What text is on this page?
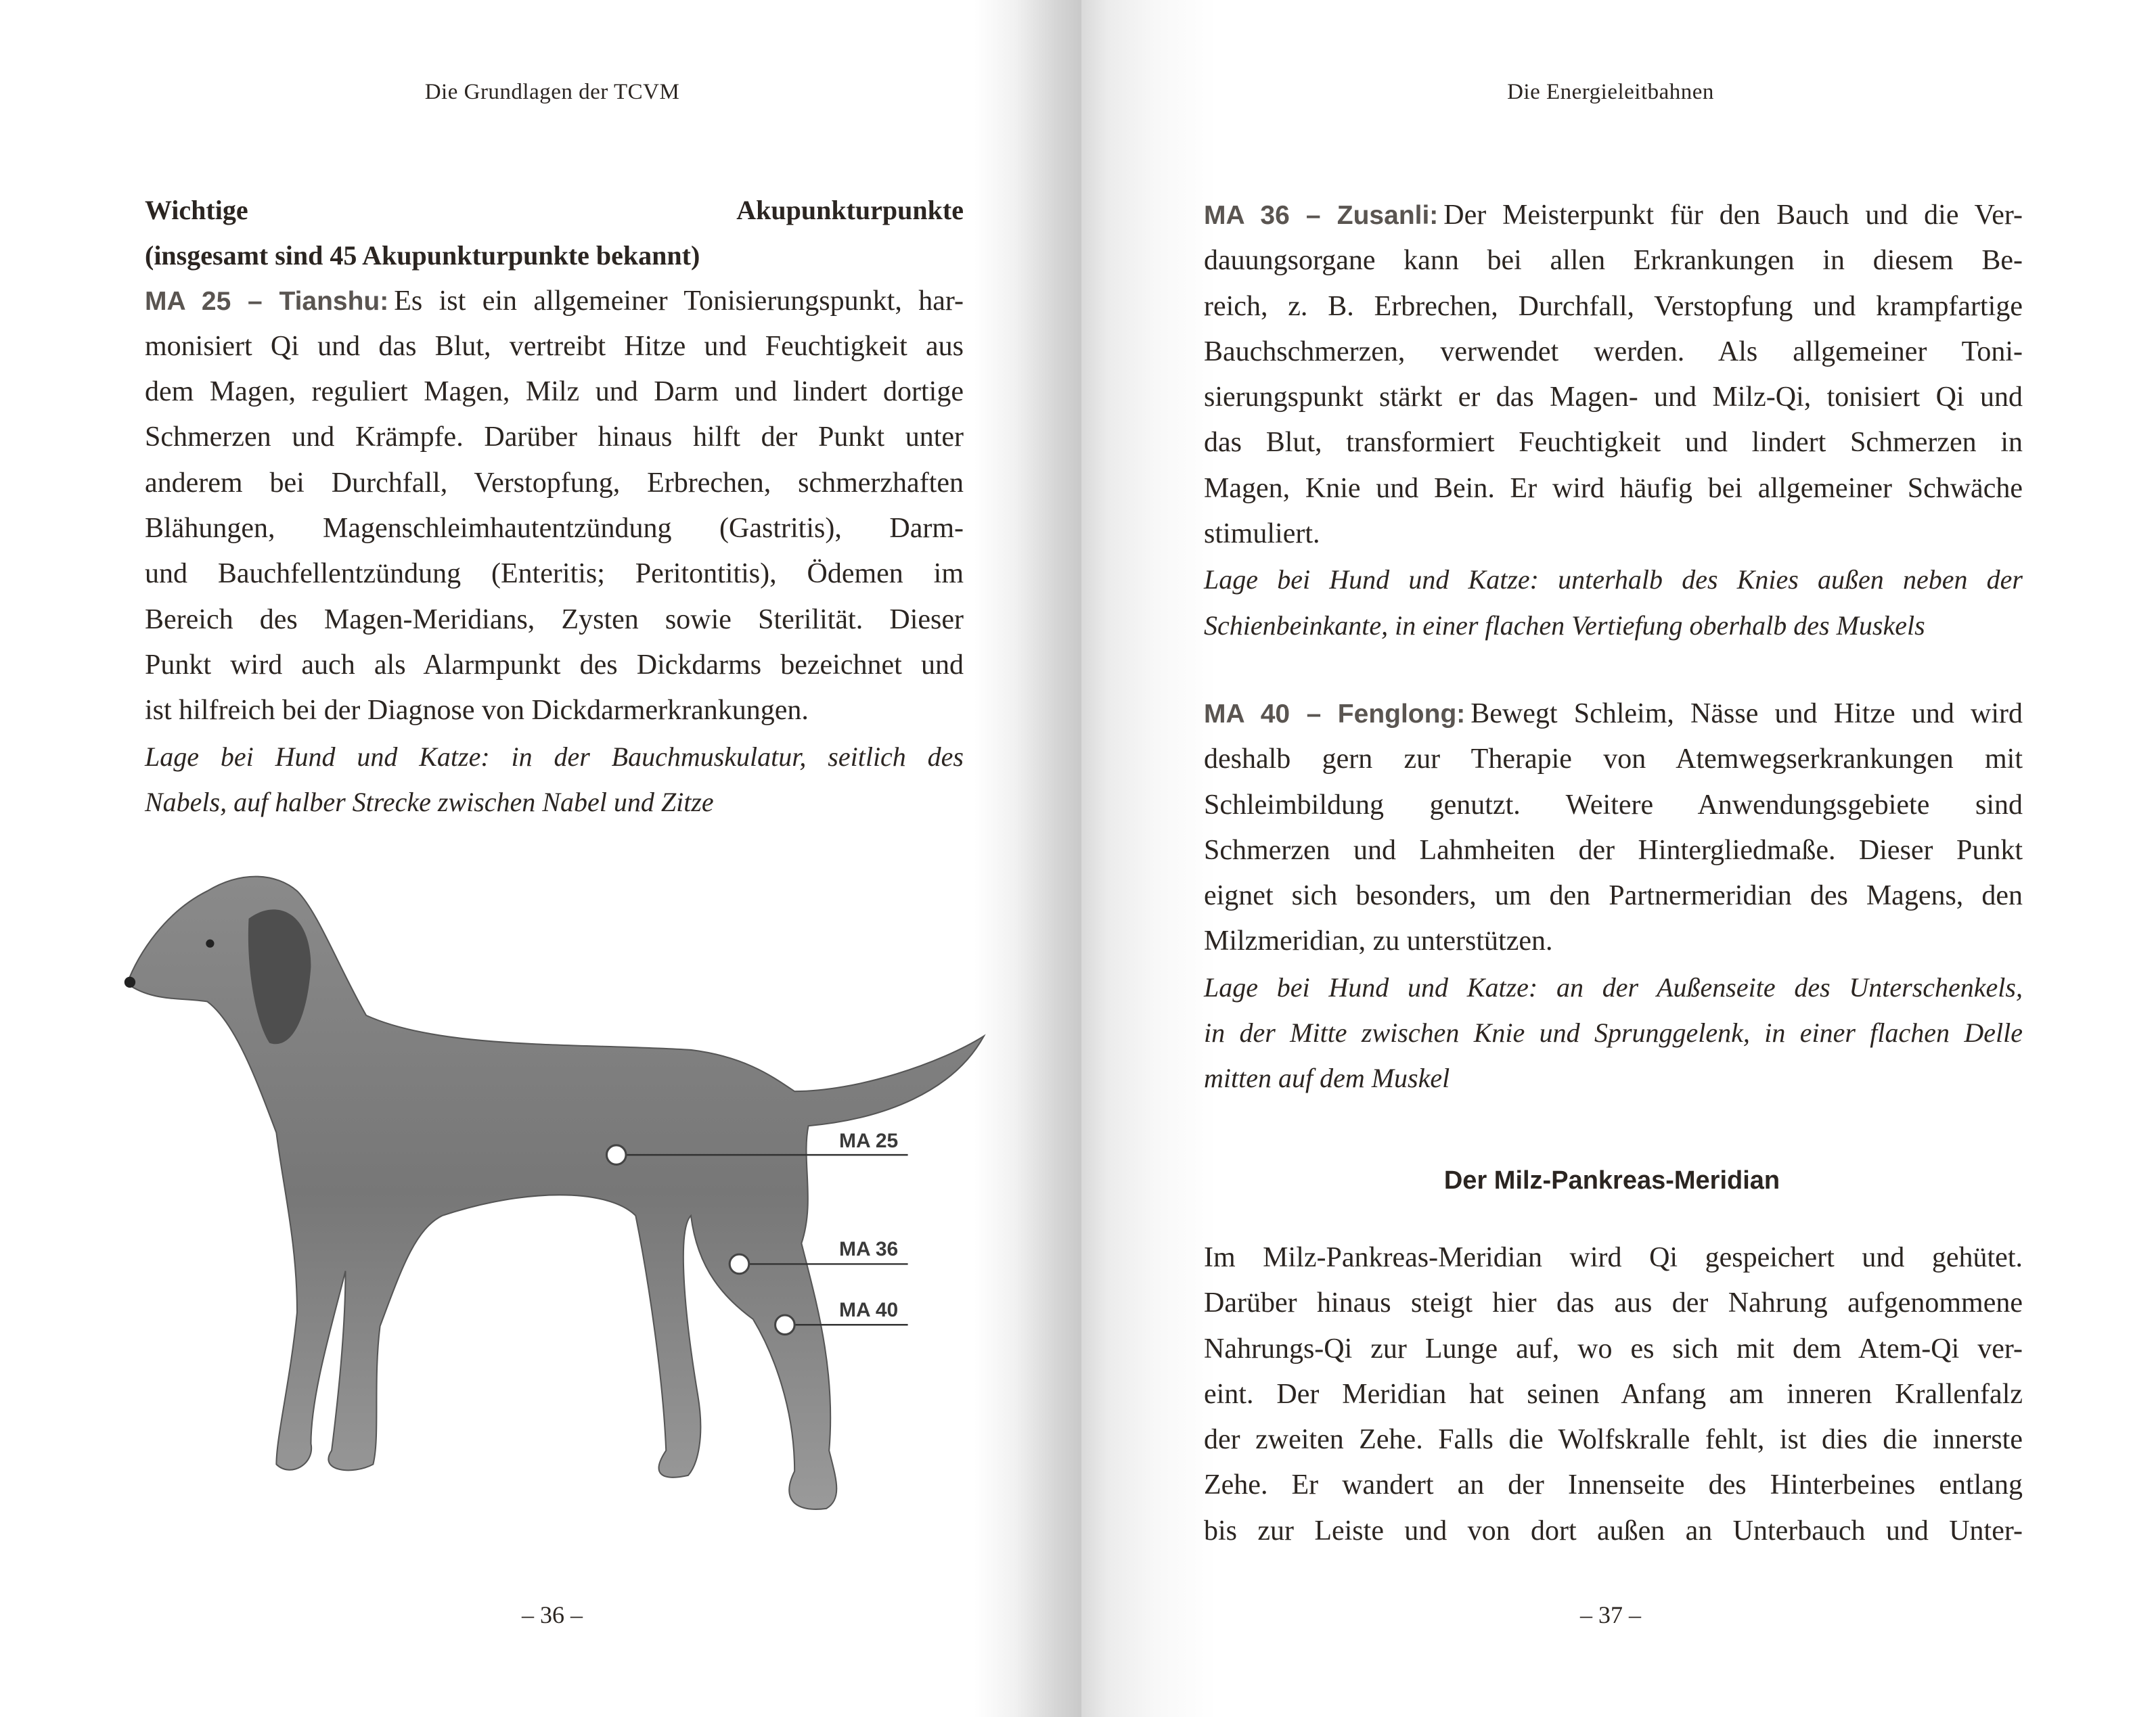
Die Grundlagen der TCVM
Wichtige Akupunkturpunkte
(insgesamt sind 45 Akupunkturpunkte bekannt)
MA 25 – Tianshu: Es ist ein allgemeiner Tonisierungspunkt, har-
monisiert Qi und das Blut, vertreibt Hitze und Feuchtigkeit aus
dem Magen, reguliert Magen, Milz und Darm und lindert dortige
Schmerzen und Krämpfe. Darüber hinaus hilft der Punkt unter
anderem bei Durchfall, Verstopfung, Erbrechen, schmerzhaften
Blähungen, Magenschleimhautentzündung (Gastritis), Darm-
und Bauchfellentzündung (Enteritis; Peritontitis), Ödemen im
Bereich des Magen-Meridians, Zysten sowie Sterilität. Dieser
Punkt wird auch als Alarmpunkt des Dickdarms bezeichnet und
ist hilfreich bei der Diagnose von Dickdarmerkrankungen.
Lage bei Hund und Katze: in der Bauchmuskulatur, seitlich des
Nabels, auf halber Strecke zwischen Nabel und Zitze
MA 25
MA 36
MA 40
– 36 –
Die Energieleitbahnen
MA 36 – Zusanli: Der Meisterpunkt für den Bauch und die Ver-
dauungsorgane kann bei allen Erkrankungen in diesem Be-
reich, z. B. Erbrechen, Durchfall, Verstopfung und krampfartige
Bauchschmerzen, verwendet werden. Als allgemeiner Toni-
sierungspunkt stärkt er das Magen- und Milz-Qi, tonisiert Qi und
das Blut, transformiert Feuchtigkeit und lindert Schmerzen in
Magen, Knie und Bein. Er wird häufig bei allgemeiner Schwäche
stimuliert.
Lage bei Hund und Katze: unterhalb des Knies außen neben der
Schienbeinkante, in einer flachen Vertiefung oberhalb des Muskels
MA 40 – Fenglong: Bewegt Schleim, Nässe und Hitze und wird
deshalb gern zur Therapie von Atemwegserkrankungen mit
Schleimbildung genutzt. Weitere Anwendungsgebiete sind
Schmerzen und Lahmheiten der Hintergliedmaße. Dieser Punkt
eignet sich besonders, um den Partnermeridian des Magens, den
Milzmeridian, zu unterstützen.
Lage bei Hund und Katze: an der Außenseite des Unterschenkels,
in der Mitte zwischen Knie und Sprunggelenk, in einer flachen Delle
mitten auf dem Muskel
Der Milz-Pankreas-Meridian
Im Milz-Pankreas-Meridian wird Qi gespeichert und gehütet.
Darüber hinaus steigt hier das aus der Nahrung aufgenommene
Nahrungs-Qi zur Lunge auf, wo es sich mit dem Atem-Qi ver-
eint. Der Meridian hat seinen Anfang am inneren Krallenfalz
der zweiten Zehe. Falls die Wolfskralle fehlt, ist dies die innerste
Zehe. Er wandert an der Innenseite des Hinterbeines entlang
bis zur Leiste und von dort außen an Unterbauch und Unter-
– 37 –
